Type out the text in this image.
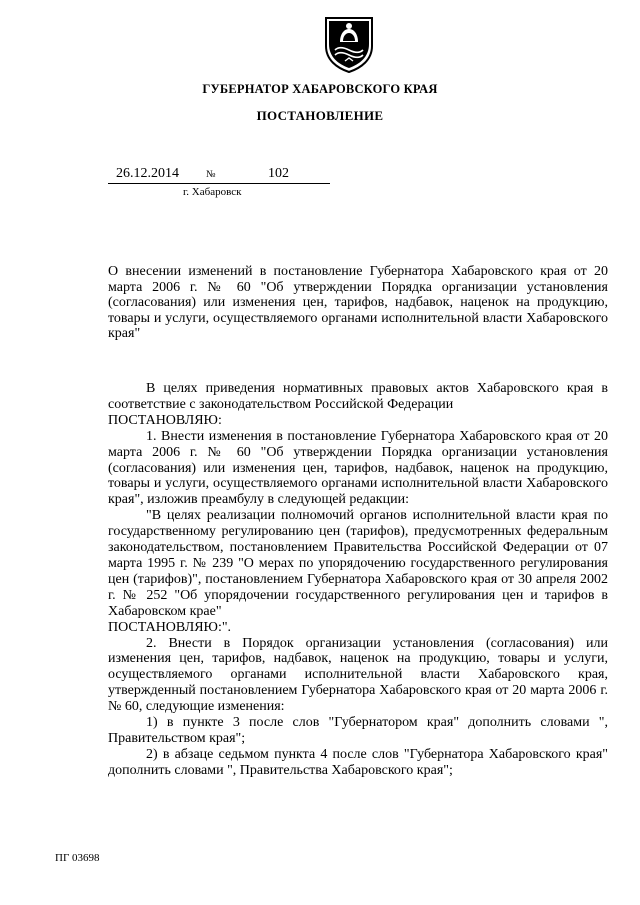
ГУБЕРНАТОР ХАБАРОВСКОГО КРАЯ
ПОСТАНОВЛЕНИЕ
26.12.2014	№	102
г. Хабаровск
О внесении изменений в постановление Губернатора Хабаровского края от 20 марта 2006 г. № 60 "Об утверждении Порядка организации установления (согласования) или изменения цен, тарифов, надбавок, наценок на продукцию, товары и услуги, осуществляемого органами исполнительной власти Хабаровского края"

В целях приведения нормативных правовых актов Хабаровского края в соответствие с законодательством Российской Федерации

ПОСТАНОВЛЯЮ:

1. Внести изменения в постановление Губернатора Хабаровского края от 20 марта 2006 г. № 60 "Об утверждении Порядка организации установления (согласования) или изменения цен, тарифов, надбавок, наценок на продукцию, товары и услуги, осуществляемого органами исполнительной власти Хабаровского края", изложив преамбулу в следующей редакции:

"В целях реализации полномочий органов исполнительной власти края по государственному регулированию цен (тарифов), предусмотренных федеральным законодательством, постановлением Правительства Российской Федерации от 07 марта 1995 г. № 239 "О мерах по упорядочению государственного регулирования цен (тарифов)", постановлением Губернатора Хабаровского края от 30 апреля 2002 г. № 252 "Об упорядочении государственного регулирования цен и тарифов в Хабаровском крае"

ПОСТАНОВЛЯЮ:".

2. Внести в Порядок организации установления (согласования) или изменения цен, тарифов, надбавок, наценок на продукцию, товары и услуги, осуществляемого органами исполнительной власти Хабаровского края, утвержденный постановлением Губернатора Хабаровского края от 20 марта 2006 г. № 60, следующие изменения:

1) в пункте 3 после слов "Губернатором края" дополнить словами ", Правительством края";

2) в абзаце седьмом пункта 4 после слов "Губернатора Хабаровского края" дополнить словами ", Правительства Хабаровского края";

ПГ 03698
